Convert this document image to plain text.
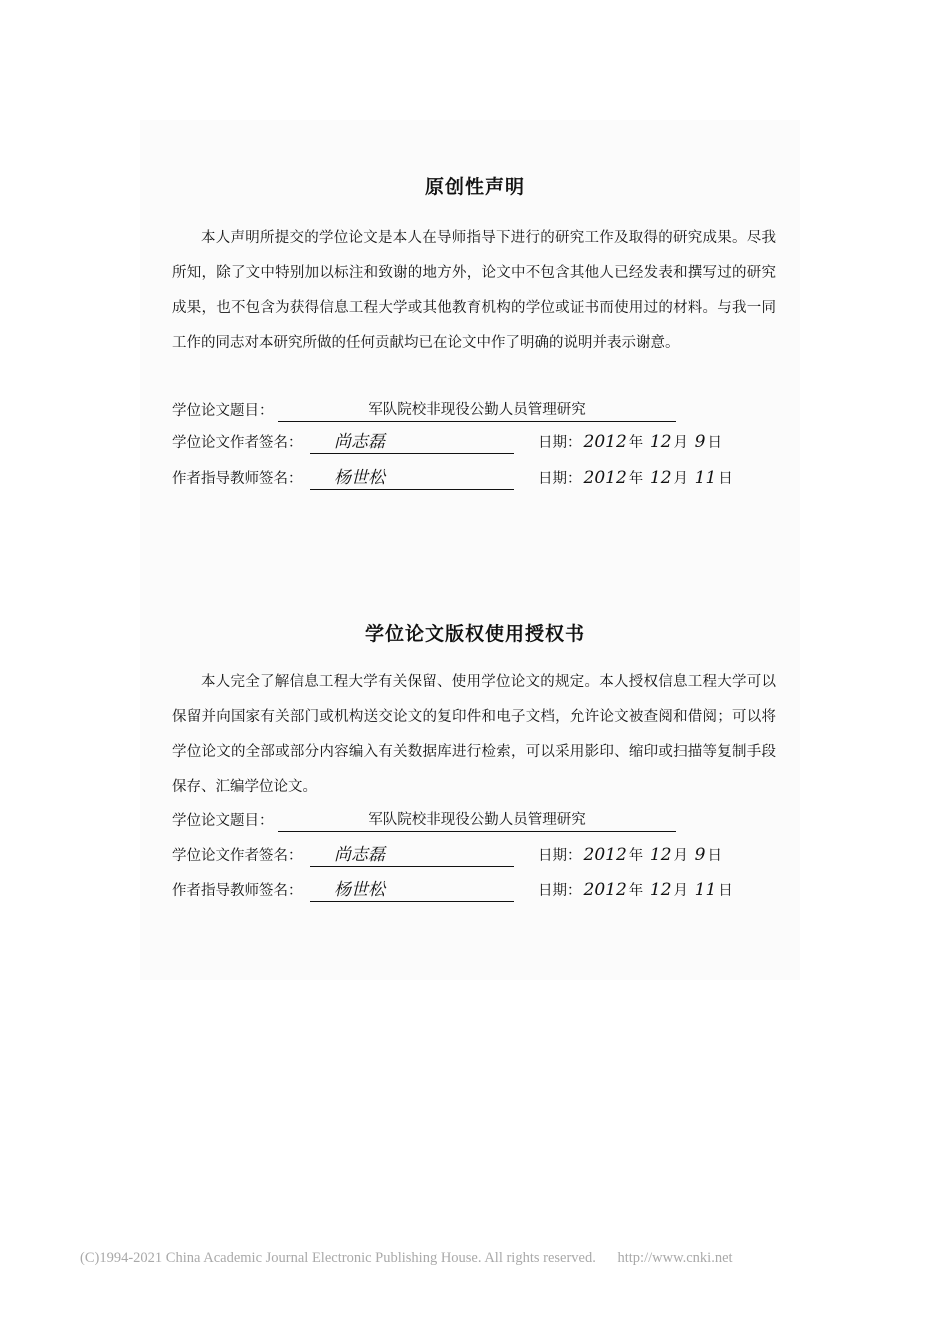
原创性声明

本人声明所提交的学位论文是本人在导师指导下进行的研究工作及取得的研究成果。尽我所知，除了文中特别加以标注和致谢的地方外，论文中不包含其他人已经发表和撰写过的研究成果，也不包含为获得信息工程大学或其他教育机构的学位或证书而使用过的材料。与我一同工作的同志对本研究所做的任何贡献均已在论文中作了明确的说明并表示谢意。

学位论文题目：	军队院校非现役公勤人员管理研究
学位论文作者签名： 尚志磊	日期： 2012 年 12 月 9 日
作者指导教师签名： 杨世松	日期： 2012 年 12 月 11 日
学位论文版权使用授权书

本人完全了解信息工程大学有关保留、使用学位论文的规定。本人授权信息工程大学可以保留并向国家有关部门或机构送交论文的复印件和电子文档，允许论文被查阅和借阅；可以将学位论文的全部或部分内容编入有关数据库进行检索，可以采用影印、缩印或扫描等复制手段保存、汇编学位论文。

学位论文题目：	军队院校非现役公勤人员管理研究
学位论文作者签名： 尚志磊	日期： 2012 年 12 月 9 日
作者指导教师签名： 杨世松	日期： 2012 年 12 月 11 日
(C)1994-2021 China Academic Journal Electronic Publishing House. All rights reserved. http://www.cnki.net
